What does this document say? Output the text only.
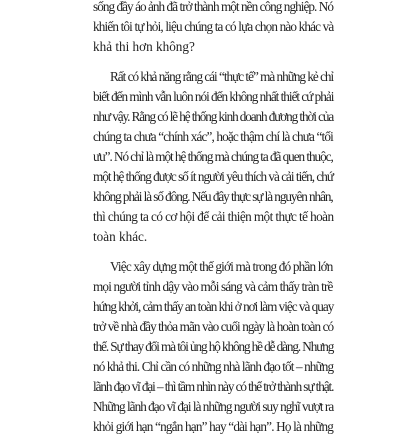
sống đầy áo ảnh đã trở thành một nền công nghiệp. Nó
khiến tôi tự hỏi, liệu chúng ta có lựa chọn nào khác và
khả thi hơn không?
Rất có khả năng rằng cái “thực tế” mà những kẻ chỉ
biết đến mình vẫn luôn nói đến không nhất thiết cứ phải
như vậy. Rằng có lẽ hệ thống kinh doanh đương thời của
chúng ta chưa “chính xác”, hoặc thậm chí là chưa “tối
ưu”. Nó chỉ là một hệ thống mà chúng ta đã quen thuộc,
một hệ thống được số ít người yêu thích và cải tiến, chứ
không phải là số đông. Nếu đây thực sự là nguyên nhân,
thì chúng ta có cơ hội để cải thiện một thực tế hoàn
toàn khác.
Việc xây dựng một thế giới mà trong đó phần lớn
mọi người tỉnh dậy vào mỗi sáng và cảm thấy tràn trề
hứng khởi, cảm thấy an toàn khi ở nơi làm việc và quay
trở về nhà đầy thỏa mãn vào cuối ngày là hoàn toàn có
thể. Sự thay đổi mà tôi ủng hộ không hề dễ dàng. Nhưng
nó khả thi. Chỉ cần có những nhà lãnh đạo tốt – những
lãnh đạo vĩ đại – thì tầm nhìn này có thể trở thành sự thật.
Những lãnh đạo vĩ đại là những người suy nghĩ vượt ra
khỏi giới hạn “ngắn hạn” hay “dài hạn”. Họ là những
